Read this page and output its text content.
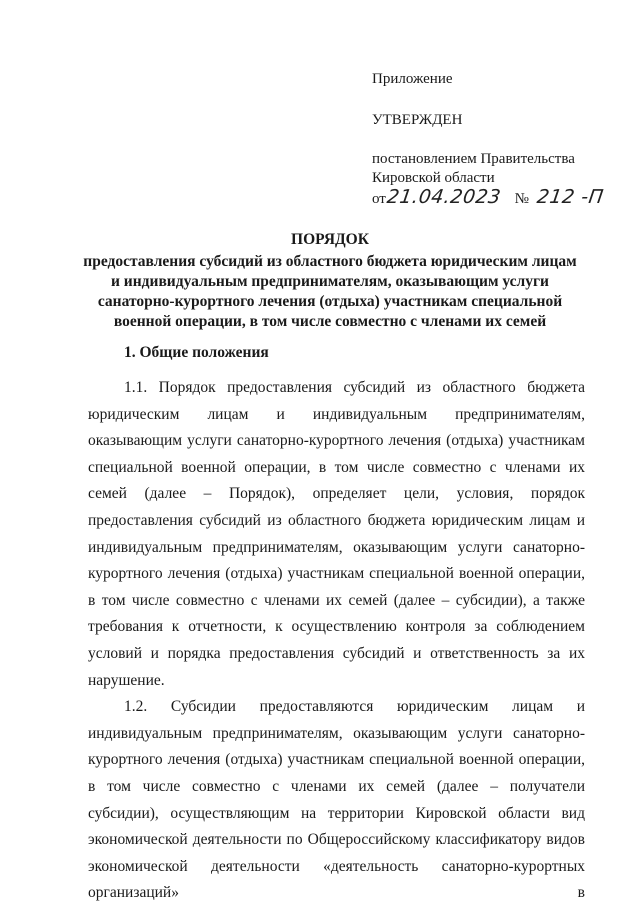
Приложение
УТВЕРЖДЕН
постановлением Правительства
Кировской области
от 21.04.2023 № 212 -П
ПОРЯДОК
предоставления субсидий из областного бюджета юридическим лицам
и индивидуальным предпринимателям, оказывающим услуги
санаторно-курортного лечения (отдыха) участникам специальной
военной операции, в том числе совместно с членами их семей
1. Общие положения

1.1. Порядок предоставления субсидий из областного бюджета юридическим лицам и индивидуальным предпринимателям, оказывающим услуги санаторно-курортного лечения (отдыха) участникам специальной военной операции, в том числе совместно с членами их семей (далее – Порядок), определяет цели, условия, порядок предоставления субсидий из областного бюджета юридическим лицам и индивидуальным предпринимателям, оказывающим услуги санаторно-курортного лечения (отдыха) участникам специальной военной операции, в том числе совместно с членами их семей (далее – субсидии), а также требования к отчетности, к осуществлению контроля за соблюдением условий и порядка предоставления субсидий и ответственность за их нарушение.

1.2. Субсидии предоставляются юридическим лицам и индивидуальным предпринимателям, оказывающим услуги санаторно-курортного лечения (отдыха) участникам специальной военной операции, в том числе совместно с членами их семей (далее – получатели субсидии), осуществляющим на территории Кировской области вид экономической деятельности по Общероссийскому классификатору видов экономической деятельности «деятельность санаторно-курортных организаций» в
